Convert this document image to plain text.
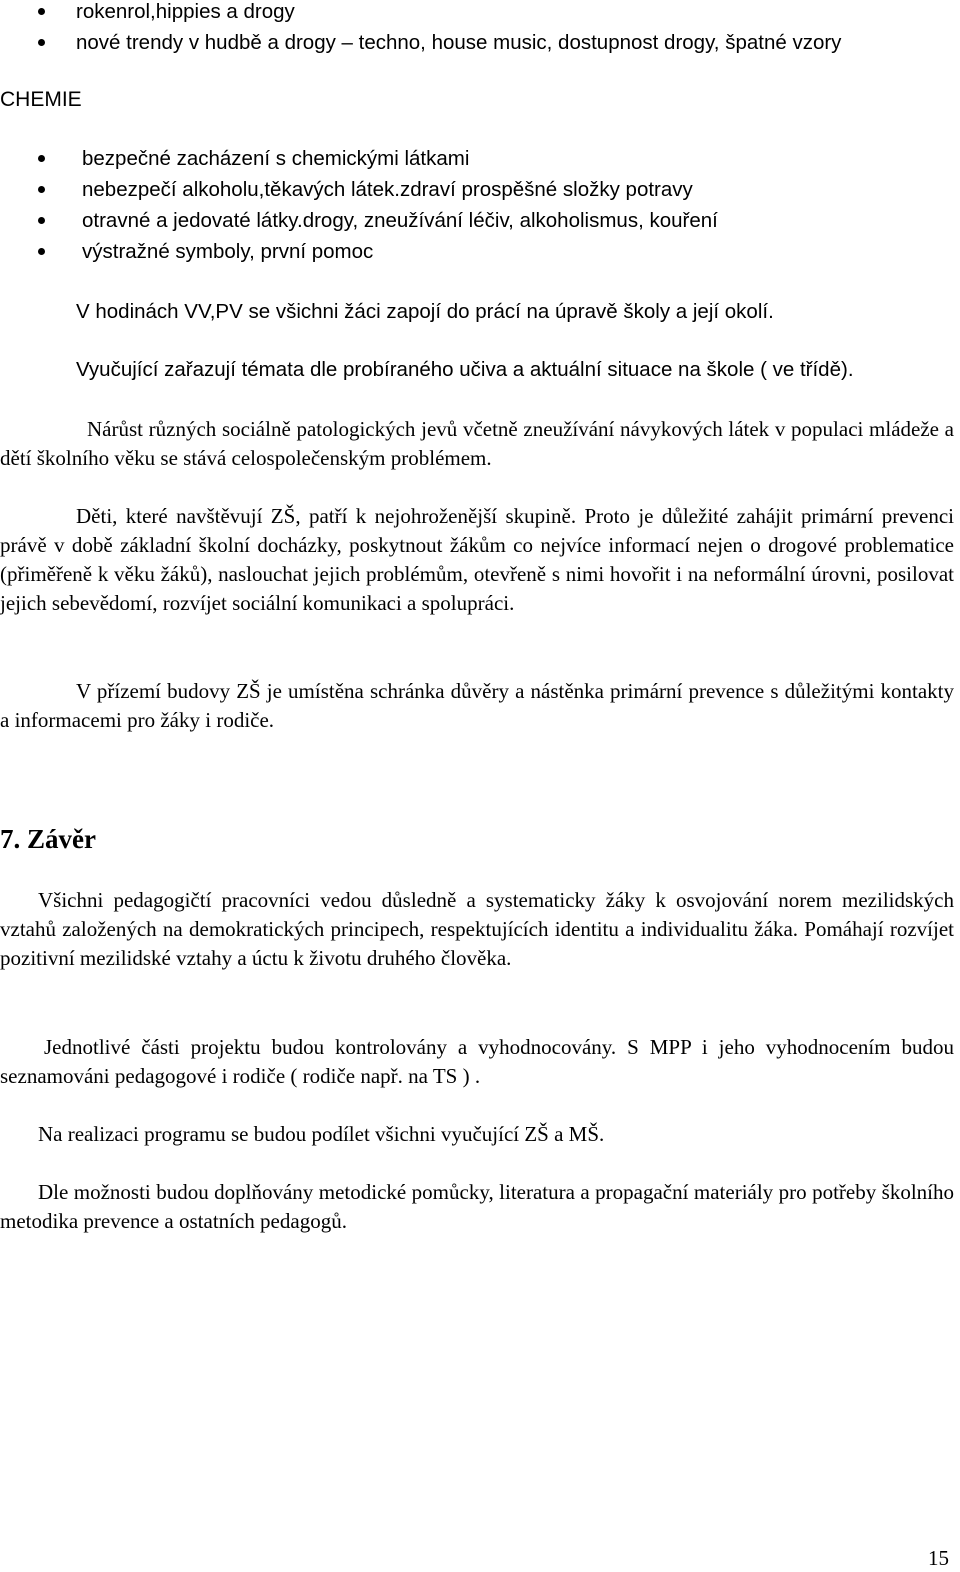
rokenrol,hippies a drogy
nové trendy v hudbě a drogy – techno, house music, dostupnost drogy, špatné vzory
CHEMIE
bezpečné zacházení s chemickými látkami
nebezpečí alkoholu,těkavých látek.zdraví prospěšné složky potravy
otravné a jedovaté látky.drogy, zneužívání léčiv, alkoholismus, kouření
výstražné symboly, první pomoc

V hodinách VV,PV se všichni žáci zapojí do prácí na úpravě školy a její okolí.

Vyučující zařazují témata dle probíraného učiva a aktuální situace na škole ( ve třídě).

Nárůst různých sociálně patologických jevů včetně zneužívání návykových látek v populaci mládeže a dětí školního věku se stává celospolečenským problémem.

Děti, které navštěvují ZŠ, patří k nejohroženější skupině. Proto je důležité zahájit primární prevenci právě v době základní školní docházky, poskytnout žákům co nejvíce informací nejen o drogové problematice (přiměřeně k věku žáků), naslouchat jejich problémům, otevřeně s nimi hovořit i na neformální úrovni, posilovat jejich sebevědomí, rozvíjet sociální komunikaci a spolupráci.

V přízemí budovy ZŠ je umístěna schránka důvěry a nástěnka primární prevence s důležitými kontakty a informacemi pro žáky i rodiče.

7. Závěr

Všichni pedagogičtí pracovníci vedou důsledně a systematicky žáky k osvojování norem mezilidských vztahů založených na demokratických principech, respektujících identitu a individualitu žáka. Pomáhají rozvíjet pozitivní mezilidské vztahy a úctu k životu druhého člověka.

Jednotlivé části projektu budou kontrolovány a vyhodnocovány. S MPP i jeho vyhodnocením budou seznamováni pedagogové i rodiče ( rodiče např. na TS ) .

Na realizaci programu se budou podílet všichni vyučující ZŠ a MŠ.

Dle možnosti budou doplňovány metodické pomůcky, literatura a propagační materiály pro potřeby školního metodika prevence a ostatních pedagogů.

15
